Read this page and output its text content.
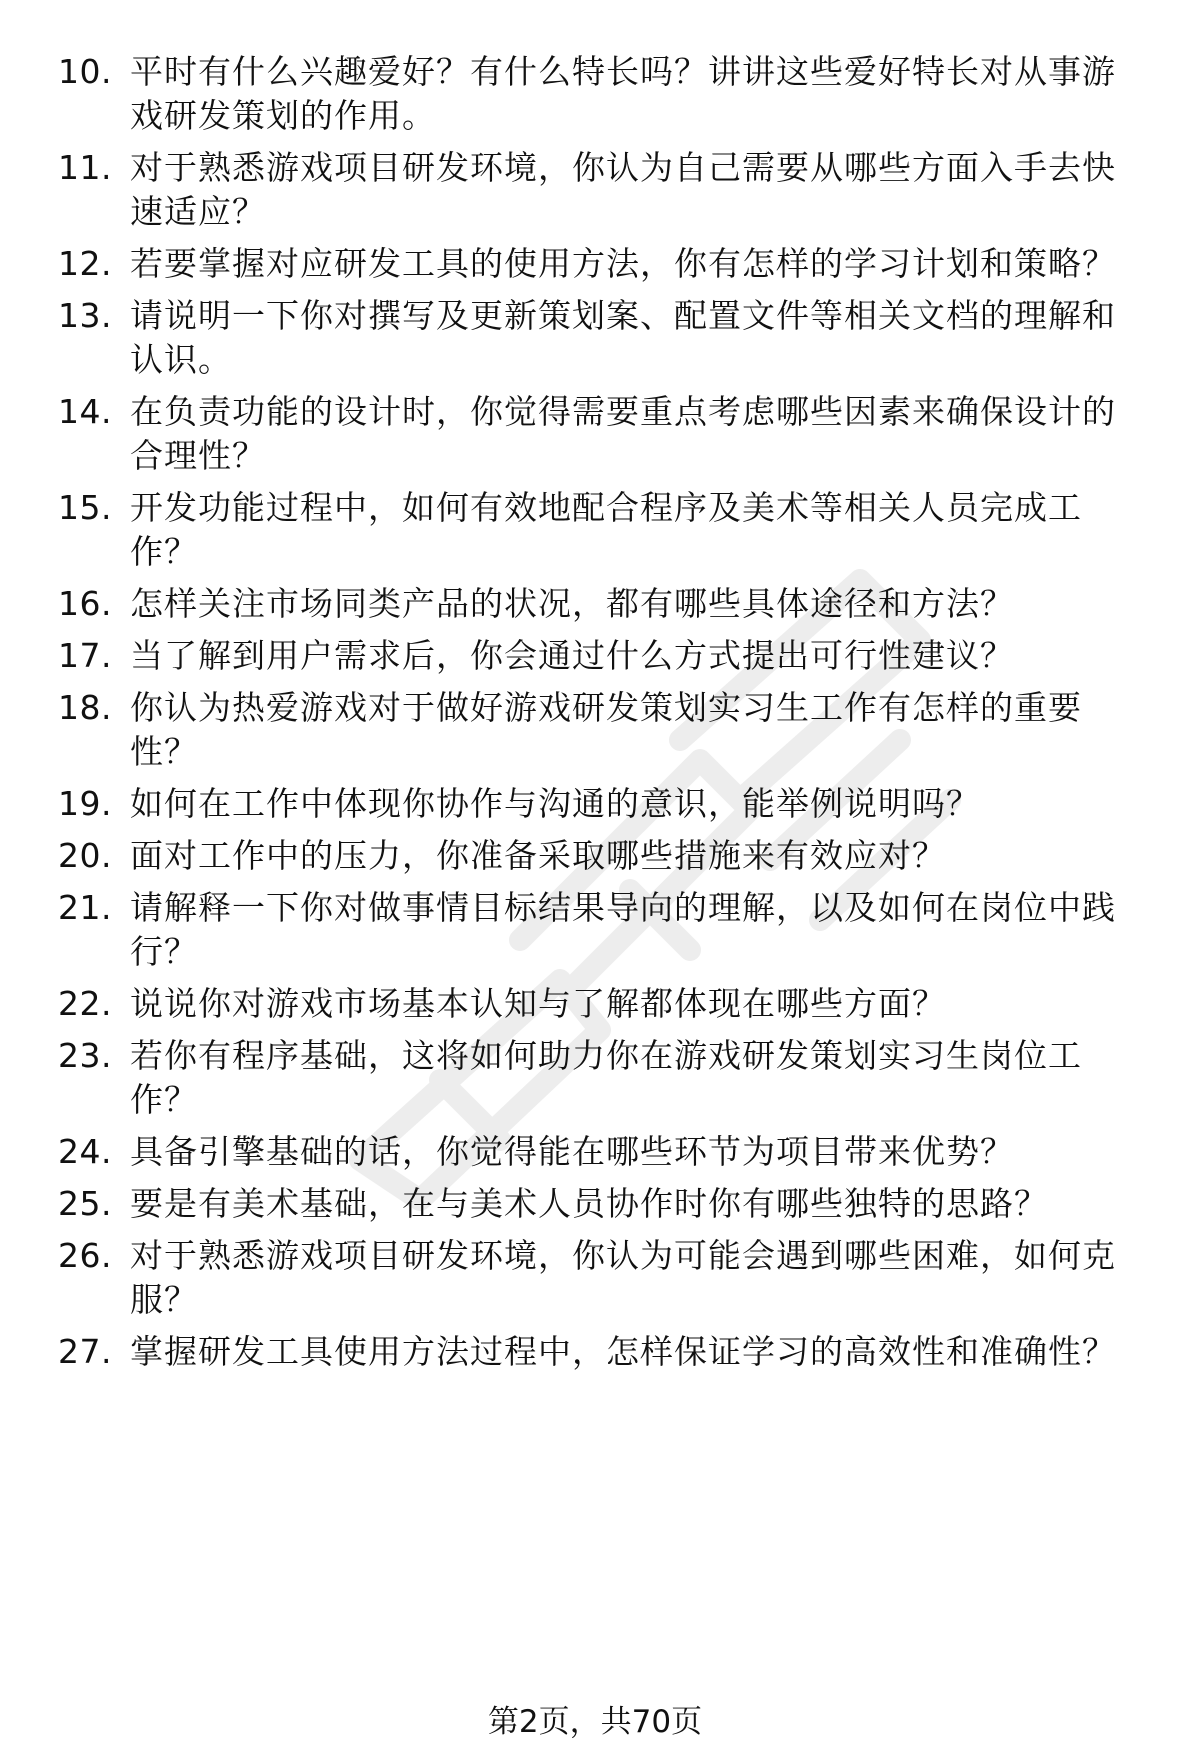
10. 平时有什么兴趣爱好？有什么特长吗？讲讲这些爱好特长对从事游戏研发策划的作用。
11. 对于熟悉游戏项目研发环境，你认为自己需要从哪些方面入手去快速适应？
12. 若要掌握对应研发工具的使用方法，你有怎样的学习计划和策略？
13. 请说明一下你对撰写及更新策划案、配置文件等相关文档的理解和认识。
14. 在负责功能的设计时，你觉得需要重点考虑哪些因素来确保设计的合理性？
15. 开发功能过程中，如何有效地配合程序及美术等相关人员完成工作？
16. 怎样关注市场同类产品的状况，都有哪些具体途径和方法？
17. 当了解到用户需求后，你会通过什么方式提出可行性建议？
18. 你认为热爱游戏对于做好游戏研发策划实习生工作有怎样的重要性？
19. 如何在工作中体现你协作与沟通的意识，能举例说明吗？
20. 面对工作中的压力，你准备采取哪些措施来有效应对？
21. 请解释一下你对做事情目标结果导向的理解，以及如何在岗位中践行？
22. 说说你对游戏市场基本认知与了解都体现在哪些方面？
23. 若你有程序基础，这将如何助力你在游戏研发策划实习生岗位工作？
24. 具备引擎基础的话，你觉得能在哪些环节为项目带来优势？
25. 要是有美术基础，在与美术人员协作时你有哪些独特的思路？
26. 对于熟悉游戏项目研发环境，你认为可能会遇到哪些困难，如何克服？
27. 掌握研发工具使用方法过程中，怎样保证学习的高效性和准确性？
第2页，共70页
